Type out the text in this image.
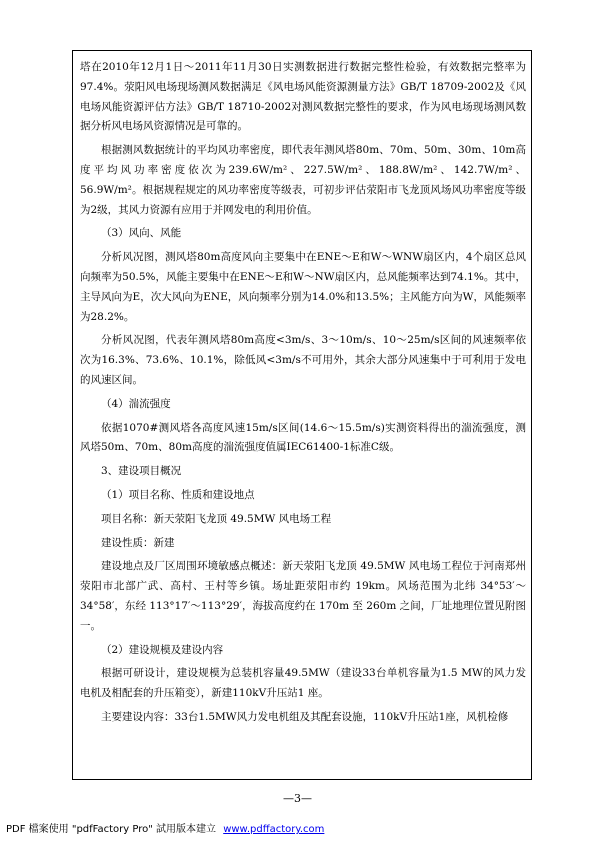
塔在2010年12月1日～2011年11月30日实测数据进行数据完整性检验，有效数据完整率为97.4%。荥阳风电场现场测风数据满足《风电场风能资源测量方法》GB/T 18709-2002及《风电场风能资源评估方法》GB/T 18710-2002对测风数据完整性的要求，作为风电场现场测风数据分析风电场风资源情况是可靠的。

根据测风数据统计的平均风功率密度，即代表年测风塔80m、70m、50m、30m、10m高度平均风功率密度依次为239.6W/m²、227.5W/m²、188.8W/m²、142.7W/m²、56.9W/m²。根据规程规定的风功率密度等级表，可初步评估荥阳市飞龙顶风场风功率密度等级为2级，其风力资源有应用于并网发电的利用价值。

（3）风向、风能

分析风况图，测风塔80m高度风向主要集中在ENE～E和W～WNW扇区内，4个扇区总风向频率为50.5%，风能主要集中在ENE～E和W～NW扇区内，总风能频率达到74.1%。其中，主导风向为E，次大风向为ENE，风向频率分别为14.0%和13.5%；主风能方向为W，风能频率为28.2%。

分析风况图，代表年测风塔80m高度<3m/s、3～10m/s、10～25m/s区间的风速频率依次为16.3%、73.6%、10.1%，除低风<3m/s不可用外，其余大部分风速集中于可利用于发电的风速区间。

（4）湍流强度

依据1070#测风塔各高度风速15m/s区间(14.6～15.5m/s)实测资料得出的湍流强度，测风塔50m、70m、80m高度的湍流强度值属IEC61400-1标准C级。

3、建设项目概况

（1）项目名称、性质和建设地点

项目名称：新天荥阳飞龙顶 49.5MW 风电场工程

建设性质：新建

建设地点及厂区周围环境敏感点概述：新天荥阳飞龙顶 49.5MW 风电场工程位于河南郑州荥阳市北部广武、高村、王村等乡镇。场址距荥阳市约 19km。风场范围为北纬 34°53′～34°58′，东经 113°17′～113°29′，海拔高度约在 170m 至 260m 之间，厂址地理位置见附图一。

（2）建设规模及建设内容

根据可研设计，建设规模为总装机容量49.5MW（建设33台单机容量为1.5 MW的风力发电机及相配套的升压箱变），新建110kV升压站1 座。

主要建设内容：33台1.5MW风力发电机组及其配套设施，110kV升压站1座，风机检修

—3—
PDF 檔案使用 "pdfFactory Pro" 試用版本建立 www.pdffactory.com
